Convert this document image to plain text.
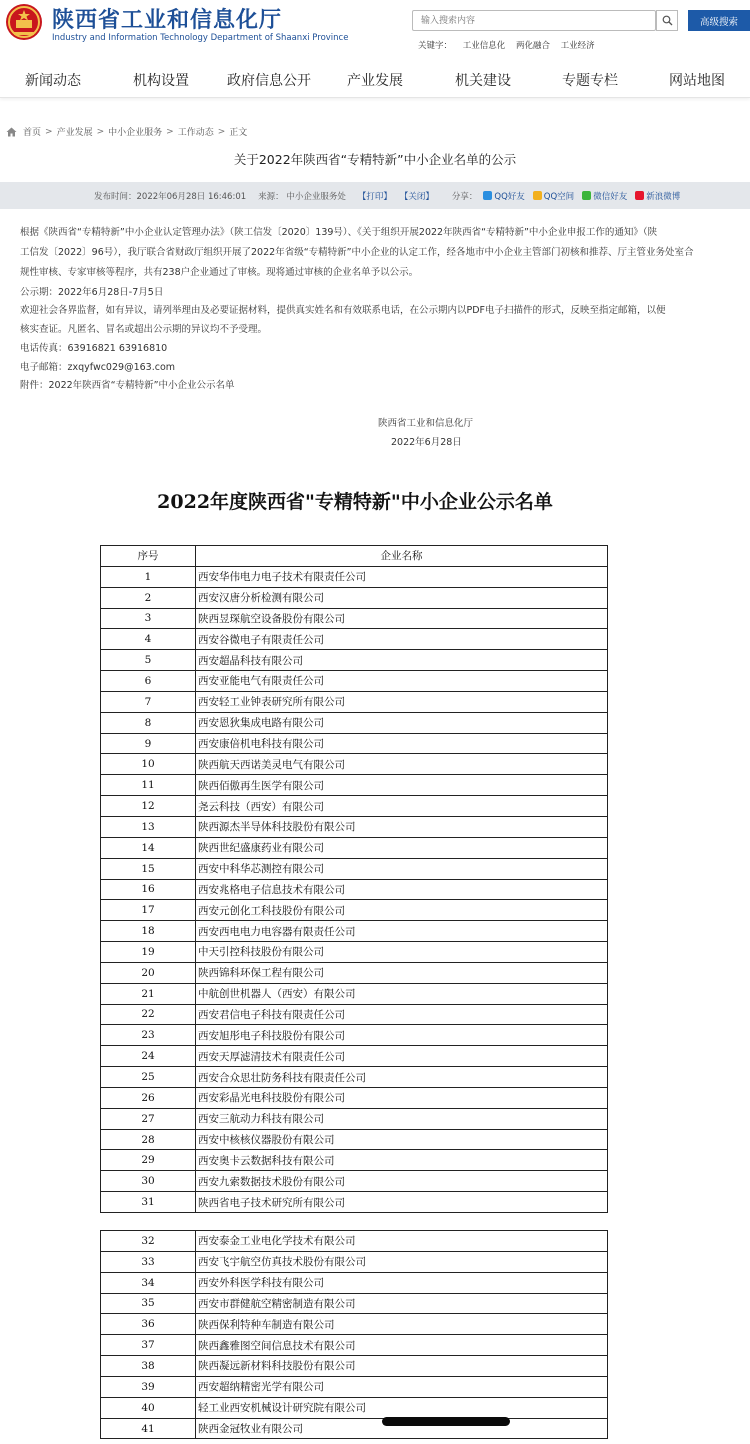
陕西省工业和信息化厅
Industry and Information Technology Department of Shaanxi Province
输入搜索内容
高级搜索
关键字： 工业信息化 两化融合 工业经济
新闻动态	机构设置	政府信息公开	产业发展	机关建设	专题专栏	网站地图
首页 > 产业发展 > 中小企业服务 > 工作动态 > 正文
关于2022年陕西省“专精特新”中小企业名单的公示
发布时间：2022年06月28日 16:46:01 来源： 中小企业服务处 【打印】 【关闭】 分享： QQ好友 QQ空间 微信好友 新浪微博
根据《陕西省“专精特新”中小企业认定管理办法》（陕工信发〔2020〕139号）、《关于组织开展2022年陕西省“专精特新”中小企业申报工作的通知》（陕
工信发〔2022〕96号），我厅联合省财政厅组织开展了2022年省级“专精特新”中小企业的认定工作，经各地市中小企业主管部门初核和推荐、厅主管业务处室合
规性审核、专家审核等程序，共有238户企业通过了审核。现将通过审核的企业名单予以公示。
公示期：2022年6月28日-7月5日
欢迎社会各界监督，如有异议，请列举理由及必要证据材料，提供真实姓名和有效联系电话，在公示期内以PDF电子扫描件的形式，反映至指定邮箱，以便
核实查证。凡匿名、冒名或超出公示期的异议均不予受理。
电话传真：63916821 63916810
电子邮箱：zxqyfwc029@163.com
附件：2022年陕西省“专精特新”中小企业公示名单
陕西省工业和信息化厅
2022年6月28日
2022年度陕西省"专精特新"中小企业公示名单
序号	企业名称
1	西安华伟电力电子技术有限责任公司
2	西安汉唐分析检测有限公司
3	陕西昱琛航空设备股份有限公司
4	西安谷微电子有限责任公司
5	西安超晶科技有限公司
6	西安亚能电气有限责任公司
7	西安轻工业钟表研究所有限公司
8	西安恩狄集成电路有限公司
9	西安康倍机电科技有限公司
10	陕西航天西诺美灵电气有限公司
11	陕西佰傲再生医学有限公司
12	尧云科技（西安）有限公司
13	陕西源杰半导体科技股份有限公司
14	陕西世纪盛康药业有限公司
15	西安中科华芯测控有限公司
16	西安兆格电子信息技术有限公司
17	西安元创化工科技股份有限公司
18	西安西电电力电容器有限责任公司
19	中天引控科技股份有限公司
20	陕西锦科环保工程有限公司
21	中航创世机器人（西安）有限公司
22	西安君信电子科技有限责任公司
23	西安旭彤电子科技股份有限公司
24	西安天厚滤清技术有限责任公司
25	西安合众思壮防务科技有限责任公司
26	西安彩晶光电科技股份有限公司
27	西安三航动力科技有限公司
28	西安中核核仪器股份有限公司
29	西安奥卡云数据科技有限公司
30	西安九索数据技术股份有限公司
31	陕西省电子技术研究所有限公司
32	西安泰金工业电化学技术有限公司
33	西安飞宇航空仿真技术股份有限公司
34	西安外科医学科技有限公司
35	西安市群健航空精密制造有限公司
36	陕西保利特种车制造有限公司
37	陕西鑫雅图空间信息技术有限公司
38	陕西凝远新材料科技股份有限公司
39	西安超纳精密光学有限公司
40	轻工业西安机械设计研究院有限公司
41	陕西金冠牧业有限公司
